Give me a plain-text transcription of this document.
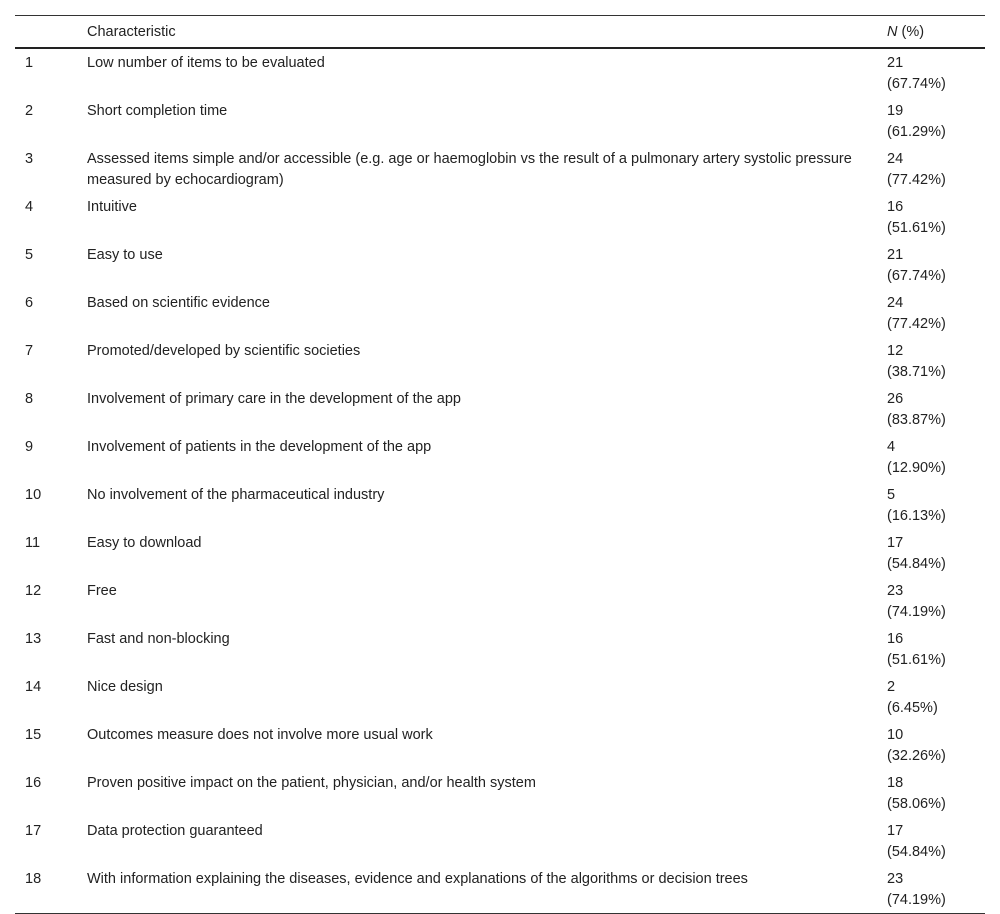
	Characteristic	N (%)
1	Low number of items to be evaluated	21
(67.74%)
2	Short completion time	19
(61.29%)
3	Assessed items simple and/or accessible (e.g. age or haemoglobin vs the result of a pulmonary artery systolic pressure measured by echocardiogram)	24
(77.42%)
4	Intuitive	16
(51.61%)
5	Easy to use	21
(67.74%)
6	Based on scientific evidence	24
(77.42%)
7	Promoted/developed by scientific societies	12
(38.71%)
8	Involvement of primary care in the development of the app	26
(83.87%)
9	Involvement of patients in the development of the app	4
(12.90%)
10	No involvement of the pharmaceutical industry	5
(16.13%)
11	Easy to download	17
(54.84%)
12	Free	23
(74.19%)
13	Fast and non-blocking	16
(51.61%)
14	Nice design	2
(6.45%)
15	Outcomes measure does not involve more usual work	10
(32.26%)
16	Proven positive impact on the patient, physician, and/or health system	18
(58.06%)
17	Data protection guaranteed	17
(54.84%)
18	With information explaining the diseases, evidence and explanations of the algorithms or decision trees	23
(74.19%)
